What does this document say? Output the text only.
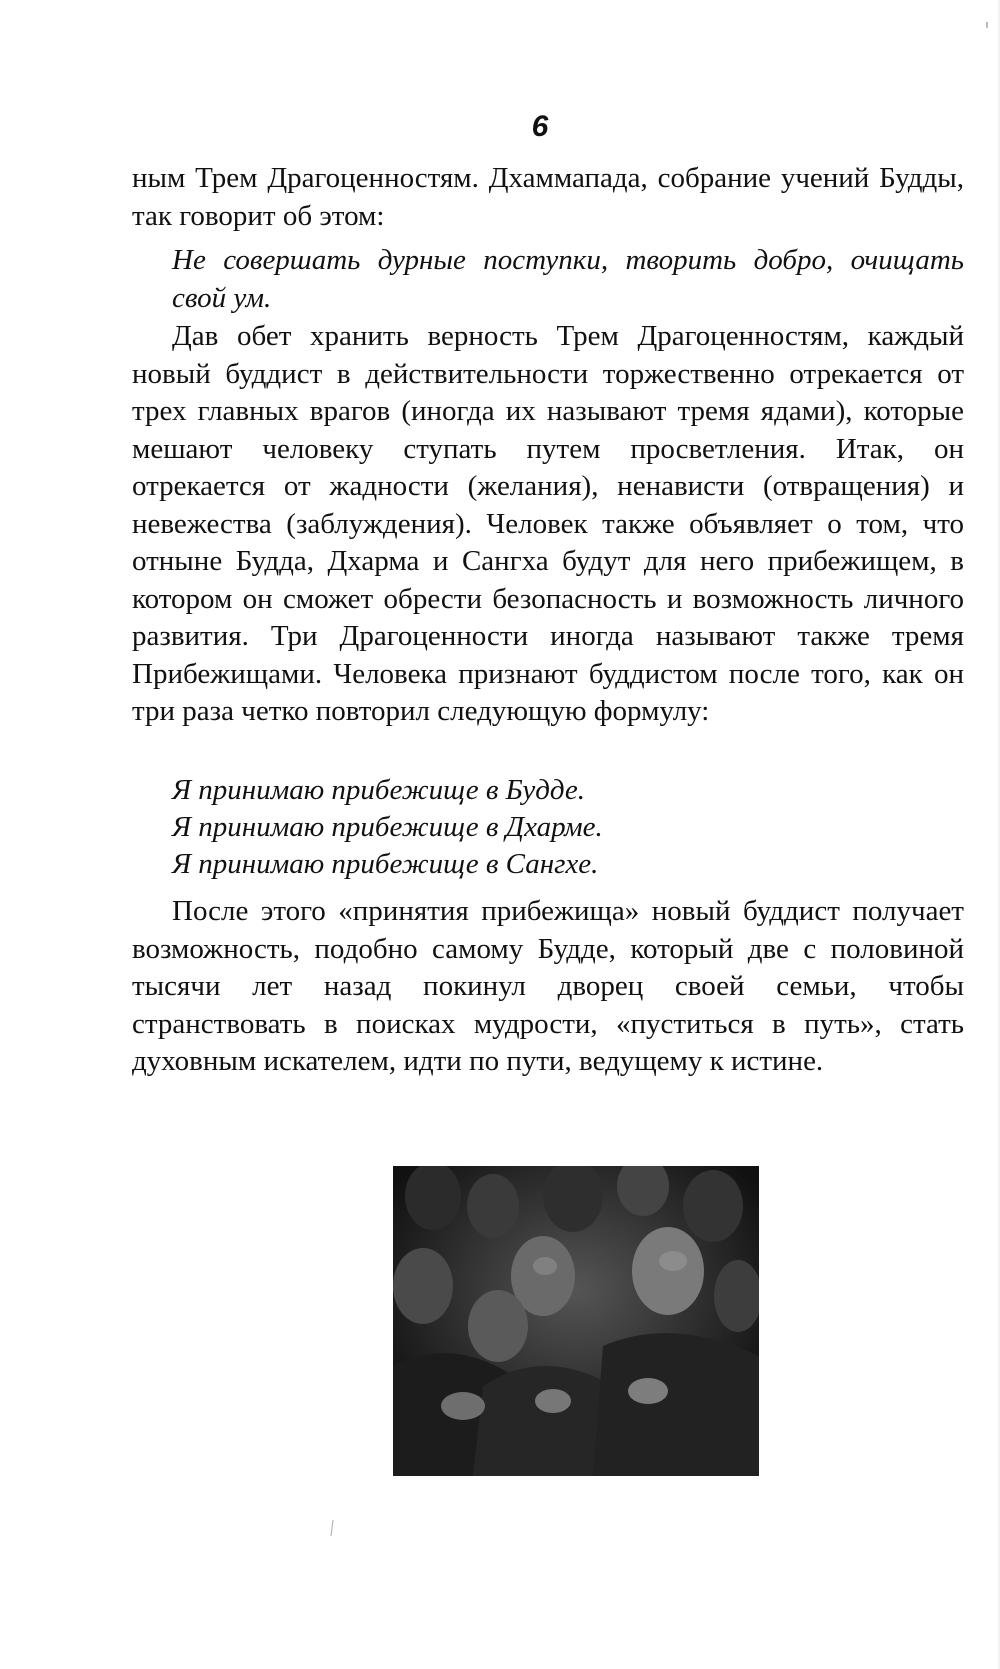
6

ным Трем Драгоценностям. Дхаммапада, собрание учений Будды, так говорит об этом:

Не совершать дурные поступки, творить добро, очищать свой ум.

Дав обет хранить верность Трем Драгоценностям, каждый новый буддист в действительности торжественно отрекается от трех главных врагов (иногда их называют тремя ядами), которые мешают человеку ступать путем просветления. Итак, он отрекается от жадности (желания), ненависти (отвращения) и невежества (заблуждения). Человек также объявляет о том, что отныне Будда, Дхарма и Сангха будут для него прибежищем, в котором он сможет обрести безопасность и возможность личного развития. Три Драгоценности иногда называют также тремя Прибежищами. Человека признают буддистом после того, как он три раза четко повторил следующую формулу:

Я принимаю прибежище в Будде.
Я принимаю прибежище в Дхарме.
Я принимаю прибежище в Сангхе.

После этого «принятия прибежища» новый буддист получает возможность, подобно самому Будде, который две с половиной тысячи лет назад покинул дворец своей семьи, чтобы странствовать в поисках мудрости, «пуститься в путь», стать духовным искателем, идти по пути, ведущему к истине.
